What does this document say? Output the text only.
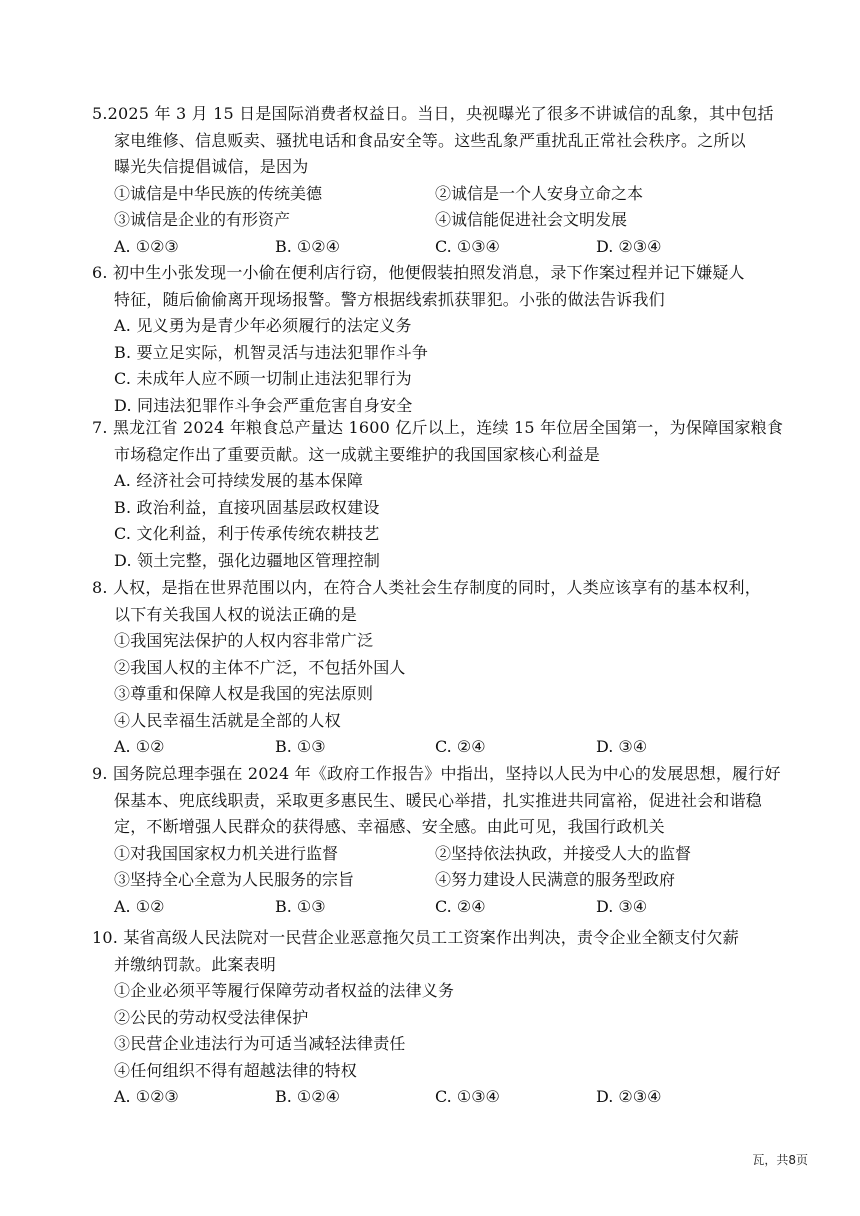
5.2025 年 3 月 15 日是国际消费者权益日。当日，央视曝光了很多不讲诚信的乱象，其中包括
家电维修、信息贩卖、骚扰电话和食品安全等。这些乱象严重扰乱正常社会秩序。之所以
曝光失信提倡诚信，是因为
①诚信是中华民族的传统美德	②诚信是一个人安身立命之本
③诚信是企业的有形资产	④诚信能促进社会文明发展
A. ①②③	B. ①②④	C. ①③④	D. ②③④
6. 初中生小张发现一小偷在便利店行窃，他便假装拍照发消息，录下作案过程并记下嫌疑人
特征，随后偷偷离开现场报警。警方根据线索抓获罪犯。小张的做法告诉我们
A. 见义勇为是青少年必须履行的法定义务
B. 要立足实际，机智灵活与违法犯罪作斗争
C. 未成年人应不顾一切制止违法犯罪行为
D. 同违法犯罪作斗争会严重危害自身安全
7. 黑龙江省 2024 年粮食总产量达 1600 亿斤以上，连续 15 年位居全国第一，为保障国家粮食
市场稳定作出了重要贡献。这一成就主要维护的我国国家核心利益是
A. 经济社会可持续发展的基本保障
B. 政治利益，直接巩固基层政权建设
C. 文化利益，利于传承传统农耕技艺
D. 领土完整，强化边疆地区管理控制
8. 人权，是指在世界范围以内，在符合人类社会生存制度的同时，人类应该享有的基本权利，
以下有关我国人权的说法正确的是
①我国宪法保护的人权内容非常广泛
②我国人权的主体不广泛，不包括外国人
③尊重和保障人权是我国的宪法原则
④人民幸福生活就是全部的人权
A. ①②	B. ①③	C. ②④	D. ③④
9. 国务院总理李强在 2024 年《政府工作报告》中指出，坚持以人民为中心的发展思想，履行好
保基本、兜底线职责，采取更多惠民生、暖民心举措，扎实推进共同富裕，促进社会和谐稳
定，不断增强人民群众的获得感、幸福感、安全感。由此可见，我国行政机关
①对我国国家权力机关进行监督	②坚持依法执政，并接受人大的监督
③坚持全心全意为人民服务的宗旨	④努力建设人民满意的服务型政府
A. ①②	B. ①③	C. ②④	D. ③④
10. 某省高级人民法院对一民营企业恶意拖欠员工工资案作出判决，责令企业全额支付欠薪
并缴纳罚款。此案表明
①企业必须平等履行保障劳动者权益的法律义务
②公民的劳动权受法律保护
③民营企业违法行为可适当减轻法律责任
④任何组织不得有超越法律的特权
A. ①②③	B. ①②④	C. ①③④	D. ②③④
瓦，共8页
